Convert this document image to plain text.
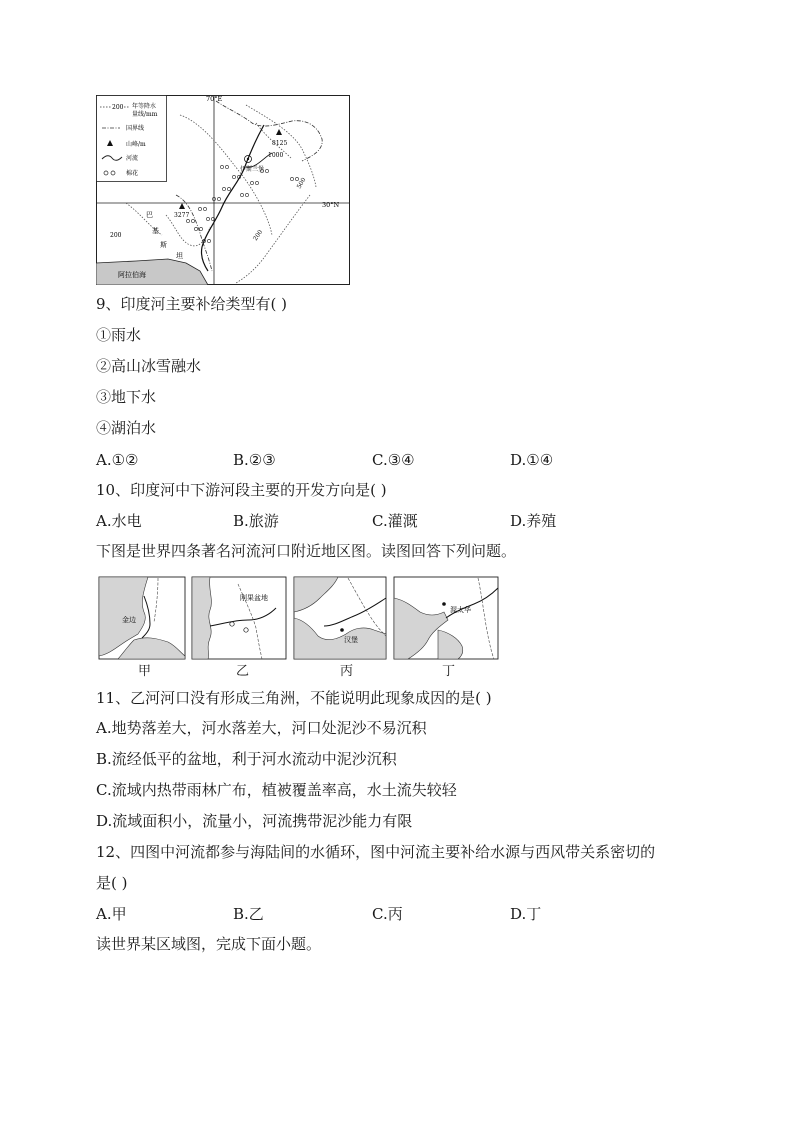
200 年等降水
量线/mm
国界线
山峰/m
河流
棉花
70°E
30°N
阿拉伯海
8125
3277
伊斯兰堡
1000
500
200
200
巴
基
斯
坦
9、印度河主要补给类型有( )
①雨水
②高山冰雪融水
③地下水
④湖泊水
A.①②	B.②③	C.③④	D.①④
10、印度河中下游河段主要的开发方向是( )
A.水电	B.旅游	C.灌溉	D.养殖
下图是世界四条著名河流河口附近地区图。读图回答下列问题。
金边
刚果盆地
汉堡
渥太华
甲	乙	丙	丁
11、乙河河口没有形成三角洲，不能说明此现象成因的是( )
A.地势落差大，河水落差大，河口处泥沙不易沉积
B.流经低平的盆地，利于河水流动中泥沙沉积
C.流域内热带雨林广布，植被覆盖率高，水土流失较轻
D.流域面积小，流量小，河流携带泥沙能力有限
12、四图中河流都参与海陆间的水循环，图中河流主要补给水源与西风带关系密切的
是( )
A.甲	B.乙	C.丙	D.丁
读世界某区域图，完成下面小题。
